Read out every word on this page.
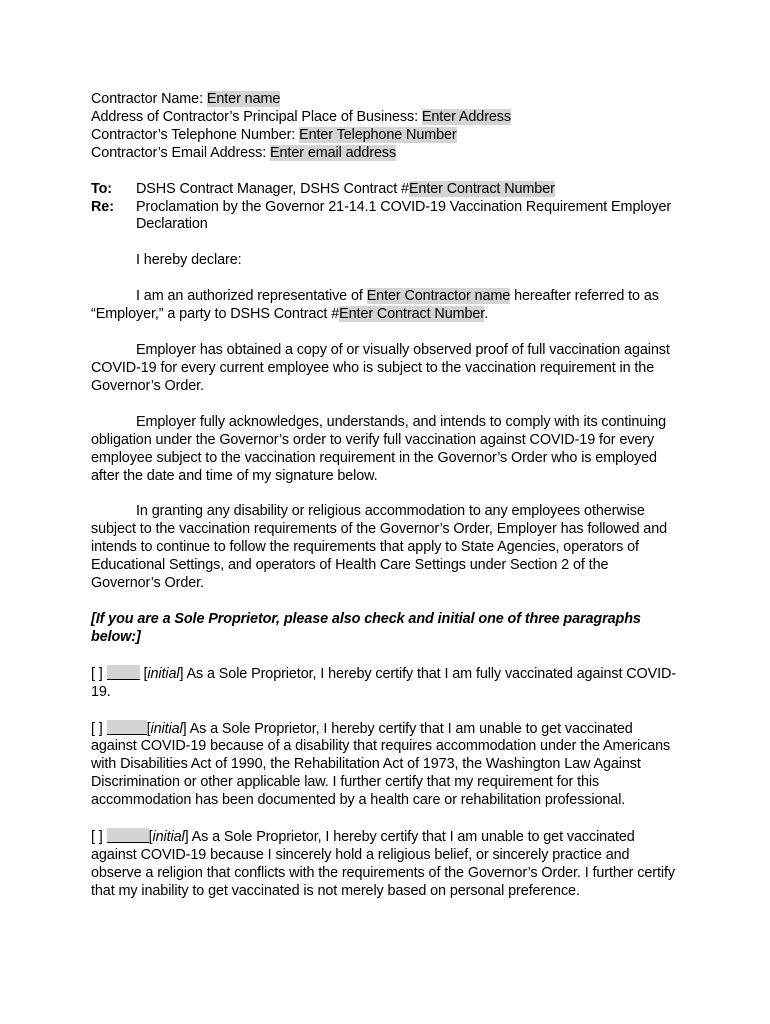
Contractor Name: Enter name
Address of Contractor’s Principal Place of Business: Enter Address
Contractor’s Telephone Number: Enter Telephone Number
Contractor’s Email Address: Enter email address
To:	DSHS Contract Manager, DSHS Contract #Enter Contract Number
Re:	Proclamation by the Governor 21-14.1 COVID-19 Vaccination Requirement Employer Declaration

I hereby declare:

I am an authorized representative of Enter Contractor name hereafter referred to as “Employer,” a party to DSHS Contract #Enter Contract Number.

Employer has obtained a copy of or visually observed proof of full vaccination against COVID-19 for every current employee who is subject to the vaccination requirement in the Governor’s Order.

Employer fully acknowledges, understands, and intends to comply with its continuing obligation under the Governor’s order to verify full vaccination against COVID-19 for every employee subject to the vaccination requirement in the Governor’s Order who is employed after the date and time of my signature below.

In granting any disability or religious accommodation to any employees otherwise subject to the vaccination requirements of the Governor’s Order, Employer has followed and intends to continue to follow the requirements that apply to State Agencies, operators of Educational Settings, and operators of Health Care Settings under Section 2 of the Governor’s Order.

[If you are a Sole Proprietor, please also check and initial one of three paragraphs below:]

[ ]	[initial] As a Sole Proprietor, I hereby certify that I am fully vaccinated against COVID-19.

[ ]	[initial] As a Sole Proprietor, I hereby certify that I am unable to get vaccinated against COVID-19 because of a disability that requires accommodation under the Americans with Disabilities Act of 1990, the Rehabilitation Act of 1973, the Washington Law Against Discrimination or other applicable law. I further certify that my requirement for this accommodation has been documented by a health care or rehabilitation professional.

[ ]	[initial] As a Sole Proprietor, I hereby certify that I am unable to get vaccinated against COVID-19 because I sincerely hold a religious belief, or sincerely practice and observe a religion that conflicts with the requirements of the Governor’s Order. I further certify that my inability to get vaccinated is not merely based on personal preference.
